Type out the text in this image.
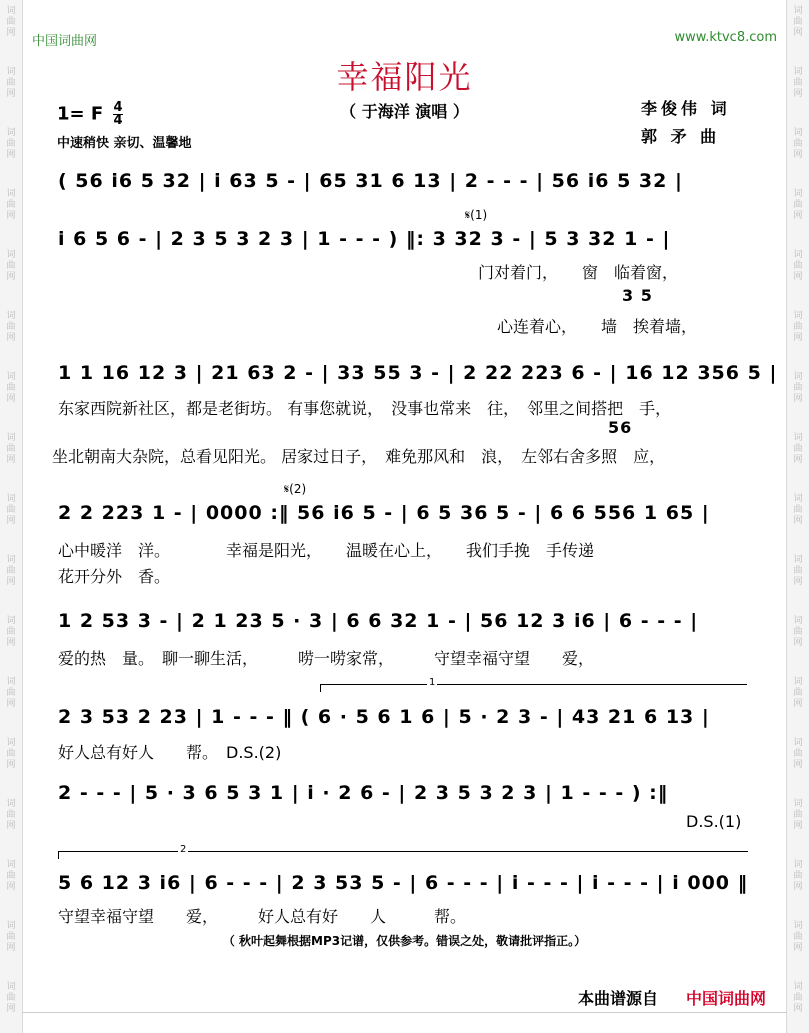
词
曲
网
词
曲
网
词
曲
网
词
曲
网
词
曲
网
词
曲
网
词
曲
网
词
曲
网
词
曲
网
词
曲
网
词
曲
网
词
曲
网
词
曲
网
词
曲
网
词
曲
网
词
曲
网
词
曲
网
词
曲
网
词
曲
网
词
曲
网
词
曲
网
词
曲
网
词
曲
网
词
曲
网
词
曲
网
词
曲
网
词
曲
网
词
曲
网
词
曲
网
词
曲
网
词
曲
网
词
曲
网
词
曲
网
词
曲
网
中国词曲网	www.ktvc8.com
幸福阳光
（ 于海洋 演唱 ）
1= F $\frac{4}{4}$
中速稍快 亲切、温馨地
李俊伟 词
郭 矛 曲
( 56 i6 5 32 | i 63 5 - | 65 31 6 13 | 2 - - - | 56 i6 5 32 |
𝄋(1)
i 6 5 6 - | 2 3 5 3 2 3 | 1 - - - ) ‖: 3 32 3 - | 5 3 32 1 - |
门对着门，　　窗　临着窗，
3 5
心连着心，　　墙　挨着墙，
1 1 16 12 3 | 21 63 2 - | 33 55 3 - | 2 22 223 6 - | 16 12 356 5 |
东家西院新社区，都是老街坊。 有事您就说，　没事也常来　往，　邻里之间搭把　手，
56
坐北朝南大杂院，总看见阳光。 居家过日子，　难免那风和　浪，　左邻右舍多照　应，
𝄋(2)
2 2 223 1 - | 0000 :‖ 56 i6 5 - | 6 5 36 5 - | 6 6 556 1 65 |
心中暖洋　洋。　　　　幸福是阳光，　　温暖在心上，　　我们手挽　手传递
花开分外　香。
1 2 53 3 - | 2 1 23 5 · 3 | 6 6 32 1 - | 56 12 3 i6 | 6 - - - |
爱的热　量。　聊一聊生活，　　　唠一唠家常，　　　守望幸福守望　　爱，
1
2 3 53 2 23 | 1 - - - ‖ ( 6 · 5 6 1 6 | 5 · 2 3 - | 43 21 6 13 |
好人总有好人　　帮。　D.S.(2)
2 - - - | 5 · 3 6 5 3 1 | i · 2 6 - | 2 3 5 3 2 3 | 1 - - - ) :‖
D.S.(1)
2
5 6 12 3 i6 | 6 - - - | 2 3 53 5 - | 6 - - - | i - - - | i - - - | i 000 ‖
守望幸福守望　　爱，　　　好人总有好　　人　　　帮。
（ 秋叶起舞根据MP3记谱，仅供参考。错误之处，敬请批评指正。）
本曲谱源自 中国词曲网
